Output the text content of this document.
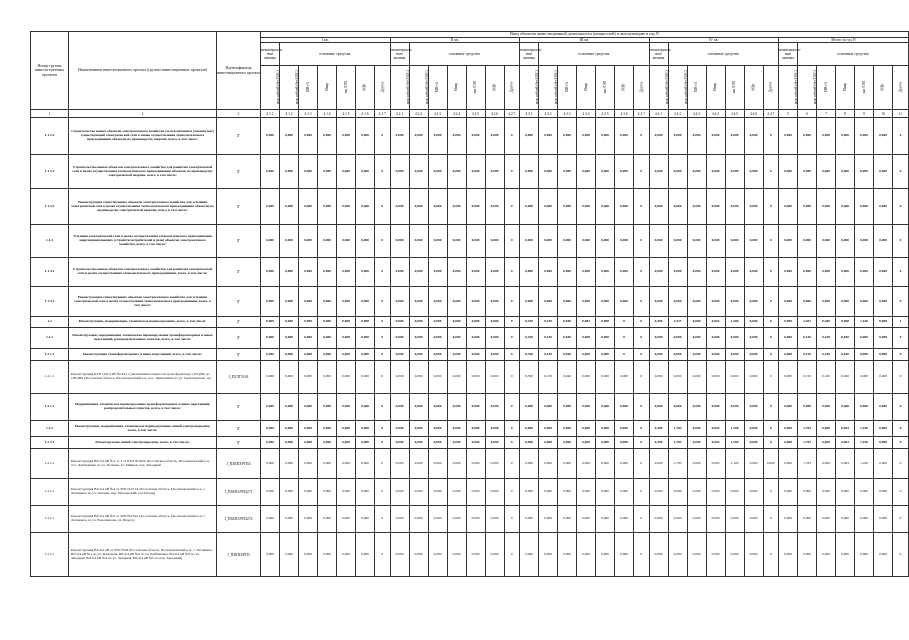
Номер группы инвести-ционных проектов	Наименование инвестиционного проекта (группы инвестиционных проектов)	Идентификатор инвестиционного проекта	Ввод объектов инвестиционной деятельности (мощностей) в эксплуатацию в год N																																		
			I кв.							II кв.							III кв.							IV кв.							Итого за год N						
			нематериаль-ные активы	основные средства						нематериаль-ные активы	основные средства						нематериаль-ные активы	основные средства						нематериаль-ные активы	основные средства						нематериаль-ные активы	основные средства					
			млн рублей (без НДС)	млн рублей (без НДС)	МВ×А	Мвар	км ЛЭП	МВт	Другое	млн рублей (без НДС)	млн рублей (без НДС)	МВ×А	Мвар	км ЛЭП	МВт	Другое	млн рублей (без НДС)	млн рублей (без НДС)	МВ×А	Мвар	км ЛЭП	МВт	Другое	млн рублей (без НДС)	млн рублей (без НДС)	МВ×А	Мвар	км ЛЭП	МВт	Другое	млн рублей (без НДС)	млн рублей (без НДС)	МВ×А	Мвар	км ЛЭП	МВт	Другое
1	2	3	4.1.1	4.1.2	4.1.3	4.1.4	4.1.5	4.1.6	4.1.7	4.2.1	4.2.2	4.2.3	4.2.4	4.2.5	4.2.6	4.2.7	4.3.1	4.3.2	4.3.3	4.3.4	4.3.5	4.3.6	4.3.7	4.4.1	4.4.2	4.4.3	4.4.4	4.4.5	4.4.6	4.4.7	5	6	7	8	9	10	11
1.1.2.2	Строительство новых объектов электросетевого хозяйства (за исключением упомянутых) существующий электрической сети к вновь осуществления технологического присоединения объектов по производству энергии, всего, в том числе:	Г	0,000	0,000	0,000	0,000	0,000	0,000	0	0,000	0,000	0,000	0,000	0,000	0,000	0	0,000	0,000	0,000	0,000	0,000	0,000	0	0,000	0,000	0,000	0,000	0,000	0,000	0	0,000	0,000	0,000	0,000	0,000	0,000	0
1.1.3.2	Строительство новых объектов электросетевого хозяйства для развития электрической сети в целях осуществления технологического присоединения объектов по производству электрической энергии, всего, в том числе:	Г	0,000	0,000	0,000	0,000	0,000	0,000	0	0,000	0,000	0,000	0,000	0,000	0,000	0	0,000	0,000	0,000	0,000	0,000	0,000	0	0,000	0,000	0,000	0,000	0,000	0,000	0	0,000	0,000	0,000	0,000	0,000	0,000	0
1.1.3.2	Реконструкция существующих объектов электросетевого хозяйства для усиления электрической сети в целях осуществления технологического присоединения объектов по производству электрической энергии, всего, в том числе:	Г	0,000	0,000	0,000	0,000	0,000	0,000	0	0,000	0,000	0,000	0,000	0,000	0,000	0	0,000	0,000	0,000	0,000	0,000	0,000	0	0,000	0,000	0,000	0,000	0,000	0,000	0	0,000	0,000	0,000	0,000	0,000	0,000	0
1.1.4	Усиление электрической сети в целях осуществления технологического присоединения энергопринимающих устройств потребителей и (или) объектов электросетевого хозяйства, всего, в том числе:	Г	0,000	0,000	0,000	0,000	0,000	0,000	0	0,000	0,000	0,000	0,000	0,000	0,000	0	0,000	0,000	0,000	0,000	0,000	0,000	0	0,000	0,000	0,000	0,000	0,000	0,000	0	0,000	0,000	0,000	0,000	0,000	0,000	0
1.1.4.1	Строительство новых объектов электросетевого хозяйства для развития электрической сети в целях осуществления технологического присоединения, всего, в том числе:	Г	0,000	0,000	0,000	0,000	0,000	0,000	0	0,000	0,000	0,000	0,000	0,000	0,000	0	0,000	0,000	0,000	0,000	0,000	0,000	0	0,000	0,000	0,000	0,000	0,000	0,000	0	0,000	0,000	0,000	0,000	0,000	0,000	0
1.1.4.2	Реконструкция существующих объектов электросетевого хозяйства для усиления электрической сети в целях осуществления технологического присоединения, всего, в том числе:	Г	0,000	0,000	0,000	0,000	0,000	0,000	0	0,000	0,000	0,000	0,000	0,000	0,000	0	0,000	0,000	0,000	0,000	0,000	0,000	0	0,000	0,000	0,000	0,000	0,000	0,000	0	0,000	0,000	0,000	0,000	0,000	0,000	0
1.2	Реконструкция, модернизация, техническое перевооружение, всего, в том числе:	Г	0,000	0,000	0,000	0,000	0,000	0,000	0	0,000	0,000	0,000	0,000	0,000	0,000	0	0,350	0,150	0,040	0,084	0,000	0	0	0,400	2,527	0,000	0,063	1,200	0,000	0	0,000	2,467	0,300	0,060	1,160	0,000	1
1.2.1	Реконструкция, модернизация, техническое перевооружение трансформаторных и иных подстанций, распределительных пунктов, всего, в том числе:	Г	0,000	0,000	0,000	0,000	0,000	0,000	0	0,000	0,000	0,000	0,000	0,000	0,000	0	0,350	0,150	0,040	0,000	0,000	0	0	0,000	0,000	0,000	0,000	0,000	0,000	0	0,000	0,150	0,160	0,040	0,000	0,000	0
1.2.1.1	Реконструкция трансформаторных и иных подстанций, всего, в том числе:	Г	0,000	0,000	0,000	0,000	0,000	0,000	0	0,000	0,000	0,000	0,000	0,000	0,000	0	0,350	0,150	0,040	0,000	0,000	0	0	0,000	0,000	0,000	0,000	0,000	0,000	0	0,000	0,150	0,160	0,040	0,000	0,000	0
1.2.1.1	Реконструкция КТП 10/0,4 кВ №1614 с увеличением мощности трансформатора с 63 кВА до 100 кВА (Ростовская область, Песчанокопский р-н, пос. Дмитриевка по ул. Транспортная, 1а)	J_П3ЛГ3163	0,000	0,000	0,000	0,000	0,000	0,000	0	0,000	0,000	0,000	0,000	0,000	0,000	0	0,350	0,150	0,040	0,000	0,000	0,000	0	0,000	0,000	0,000	0,000	0,000	0,000	0	0,000	0,150	0,160	0,040	0,000	0,000	0
1.2.1.2	Модернизация, техническое перевооружение трансформаторных и иных подстанций, распределительных пунктов, всего, в том числе:	Г	0,000	0,000	0,000	0,000	0,000	0,000	0	0,000	0,000	0,000	0,000	0,000	0,000	0	0,000	0,000	0,000	0,000	0,000	0,000	0	0,000	0,000	0,000	0,000	0,000	0,000	0	0,000	0,000	0,000	0,000	0,000	0,000	0
1.2.2	Реконструкция, модернизация, техническое перевооружение линий электропередачи, всего, в том числе:	Г	0,000	0,000	0,000	0,000	0,000	0,000	0	0,000	0,000	0,000	0,000	0,000	0,000	0	0,000	0,000	0,000	0,000	0,000	0,000	0	0,400	1,783	0,000	0,063	1,200	0,000	0	0,000	1,783	0,000	0,063	1,100	0,000	0
1.2.2.1	Реконструкция линий электропередачи, всего, в том числе:	Г	0,000	0,000	0,000	0,000	0,000	0,000	0	0,000	0,000	0,000	0,000	0,000	0,000	0	0,000	0,000	0,000	0,000	0,000	0,000	0	0,400	1,783	0,000	0,063	1,200	0,000	0	0,000	1,783	0,000	0,063	1,100	0,000	0
1.2.2.1	Реконструкция ВЛ-0,4 кВ №1, 2, 3 от КТП №160А (Ростовская область, Песчанокопский р-н, пос. Дмитриевка по ул. Полевая, ул. Мирная, пер. Западный	J_ПЗКПЗ/РП54	0,000	0,000	0,000	0,000	0,000	0,000	0	0,000	0,000	0,000	0,000	0,000	0,000	0	0,000	0,000	0,000	0,000	0,000	0,000	0	0,000	1,783	0,000	0,063	1,100	0,000	0,000	0,000	1,783	0,000	0,063	1,100	0,000	0
1.2.2.1	Реконструкция ВЛ-0,4 кВ №4 от ЗТП №271А (Ростовская область, Песчанокопский р-н, с. Летницкое по ул. Чапаева, пер. Пионерский, ул.Победы)	J_П3КПЗ/РП4271	0,000	0,000	0,000	0,000	0,000	0,000	0	0,000	0,000	0,000	0,000	0,000	0,000	0	0,000	0,000	0,000	0,000	0,000	0,000	0	0,000	0,000	0,000	0,000	0,000	0,000	0	0,000	0,000	0,000	0,000	0,000	0,000	0
1.2.2.1	Реконструкция ВЛ-0,4 кВ №2 от ЗТП №274А (Ростовская область, Песчанокопский р-н, с. Летницкое по ул. Ворошилова, ул. Щорса)	J_П3КПЗ/РП4274	0,000	0,000	0,000	0,000	0,000	0,000	0	0,000	0,000	0,000	0,000	0,000	0,000	0	0,000	0,000	0,000	0,000	0,000	0,000	0	0,000	0,000	0,000	0,000	0,000	0,000	0	0,000	0,000	0,000	0,000	0,000	0,000	0
1.2.2.1	Реконструкция ВЛ-0,4 кВ от ЗТП №58 (Ростовская область, Песчанокопский р-н, с. Летницкое ВЛ-0,4 кВ №1 по ул. Рыночная, ВЛ-0,4 кВ №2 по ул. Куйбышева, ВЛ-0,4 кВ №3 по ул. Западная, ВЛ-0,4 кВ №4 по ул. Западная, ВЛ-0,4 кВ №5 по пер. Западный)	J_П3КПЗ/РП3	0,000	0,000	0,000	0,000	0,000	0,000	0	0,000	0,000	0,000	0,000	0,000	0,000	0	0,000	0,000	0,000	0,000	0,000	0,000	0	0,000	0,000	0,000	0,000	0,000	0,000	0	0,000	0,000	0,000	0,000	0,000	0,000	0
